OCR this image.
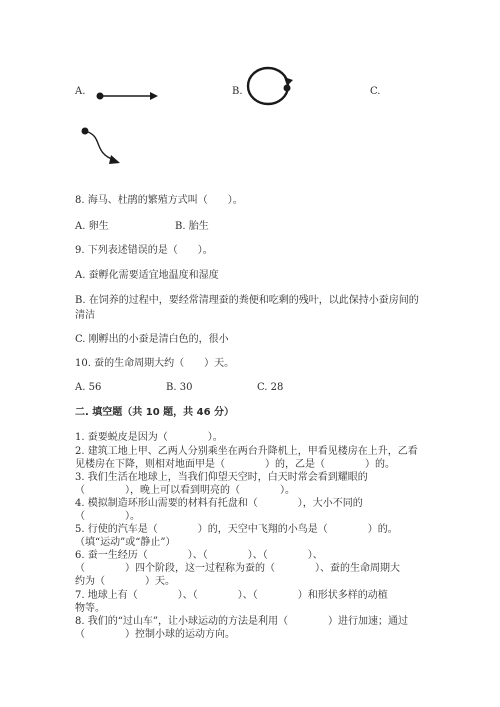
A.	B.	C.
8. 海马、杜鹃的繁殖方式叫（　　）。
A. 卵生	B. 胎生
9. 下列表述错误的是（　　）。
A. 蚕孵化需要适宜地温度和湿度
B. 在饲养的过程中，要经常清理蚕的粪便和吃剩的残叶，以此保持小蚕房间的
清洁
C. 刚孵出的小蚕是清白色的，很小
10. 蚕的生命周期大约（　　）天。
A. 56	B. 30	C. 28
二. 填空题（共 10 题，共 46 分）
1. 蚕要蜕皮是因为（　　　　）。
2. 建筑工地上甲、乙两人分别乘坐在两台升降机上，甲看见楼房在上升，乙看
见楼房在下降，则相对地面甲是（　　　　）的，乙是（　　　　）的。
3. 我们生活在地球上，当我们仰望天空时，白天时常会看到耀眼的
（　　　　），晚上可以看到明亮的（　　　　）。
4. 模拟制造环形山需要的材料有托盘和（　　　　），大小不同的
（　　　　）。
5. 行使的汽车是（　　　　）的，天空中飞翔的小鸟是（　　　　）的。
（填“运动”或“静止”）
6. 蚕一生经历（　　　　）、（　　　　）、（　　　　）、
（　　　　）四个阶段，这一过程称为蚕的（　　　　）、蚕的生命周期大
约为（　　　　）天。
7. 地球上有（　　　　）、（　　　　）、（　　　　）和形状多样的动植
物等。
8. 我们的“过山车”，让小球运动的方法是利用（　　　　）进行加速；通过
（　　　　）控制小球的运动方向。
